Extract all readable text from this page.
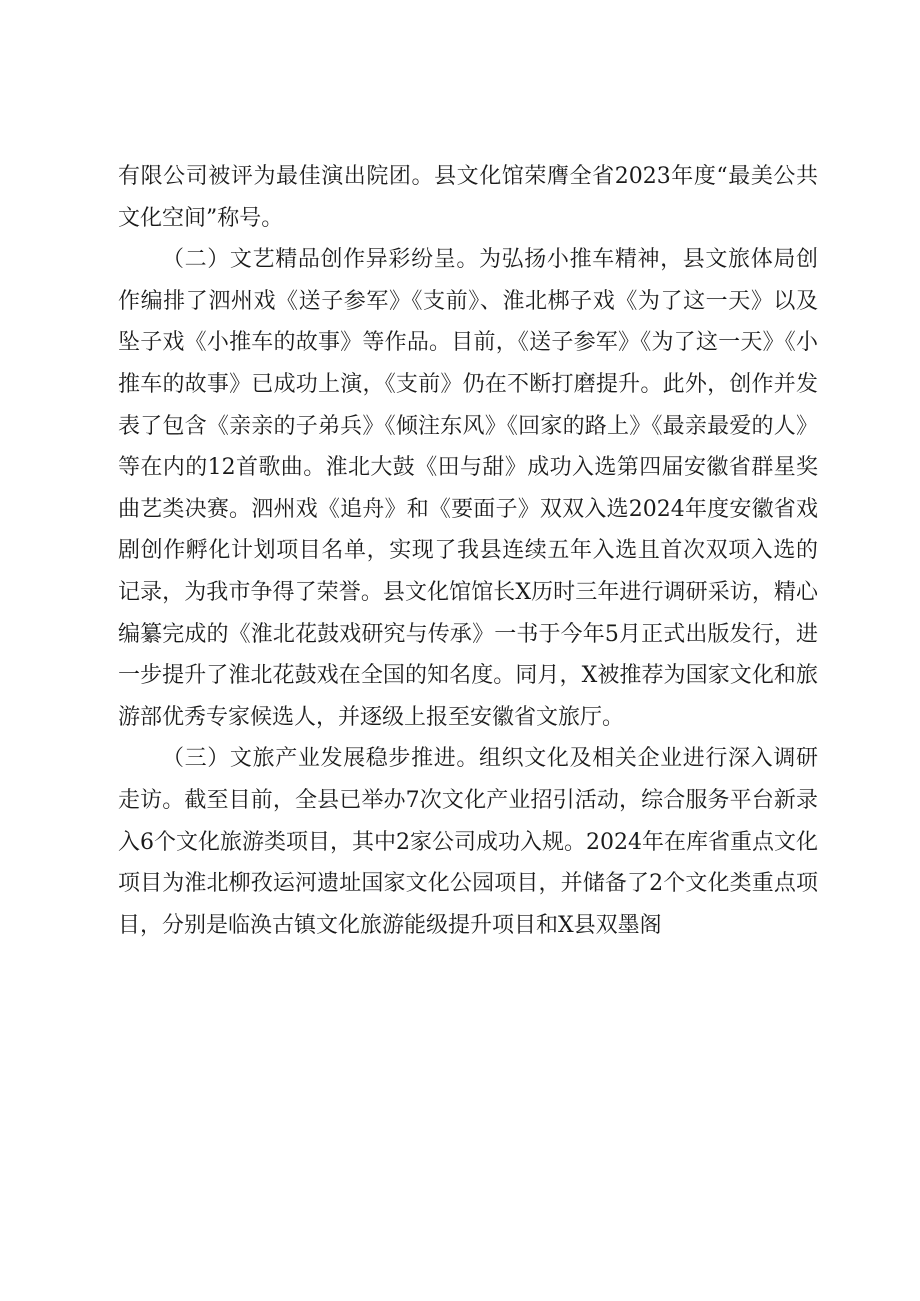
有限公司被评为最佳演出院团。县文化馆荣膺全省2023年度“最美公共文化空间”称号。

（二）文艺精品创作异彩纷呈。为弘扬小推车精神，县文旅体局创作编排了泗州戏《送子参军》《支前》、淮北梆子戏《为了这一天》以及坠子戏《小推车的故事》等作品。目前，《送子参军》《为了这一天》《小推车的故事》已成功上演，《支前》仍在不断打磨提升。此外，创作并发表了包含《亲亲的子弟兵》《倾注东风》《回家的路上》《最亲最爱的人》等在内的12首歌曲。淮北大鼓《田与甜》成功入选第四届安徽省群星奖曲艺类决赛。泗州戏《追舟》和《要面子》双双入选2024年度安徽省戏剧创作孵化计划项目名单，实现了我县连续五年入选且首次双项入选的记录，为我市争得了荣誉。县文化馆馆长X历时三年进行调研采访，精心编纂完成的《淮北花鼓戏研究与传承》一书于今年5月正式出版发行，进一步提升了淮北花鼓戏在全国的知名度。同月，X被推荐为国家文化和旅游部优秀专家候选人，并逐级上报至安徽省文旅厅。

（三）文旅产业发展稳步推进。组织文化及相关企业进行深入调研走访。截至目前，全县已举办7次文化产业招引活动，综合服务平台新录入6个文化旅游类项目，其中2家公司成功入规。2024年在库省重点文化项目为淮北柳孜运河遗址国家文化公园项目，并储备了2个文化类重点项目，分别是临涣古镇文化旅游能级提升项目和X县双墨阁
